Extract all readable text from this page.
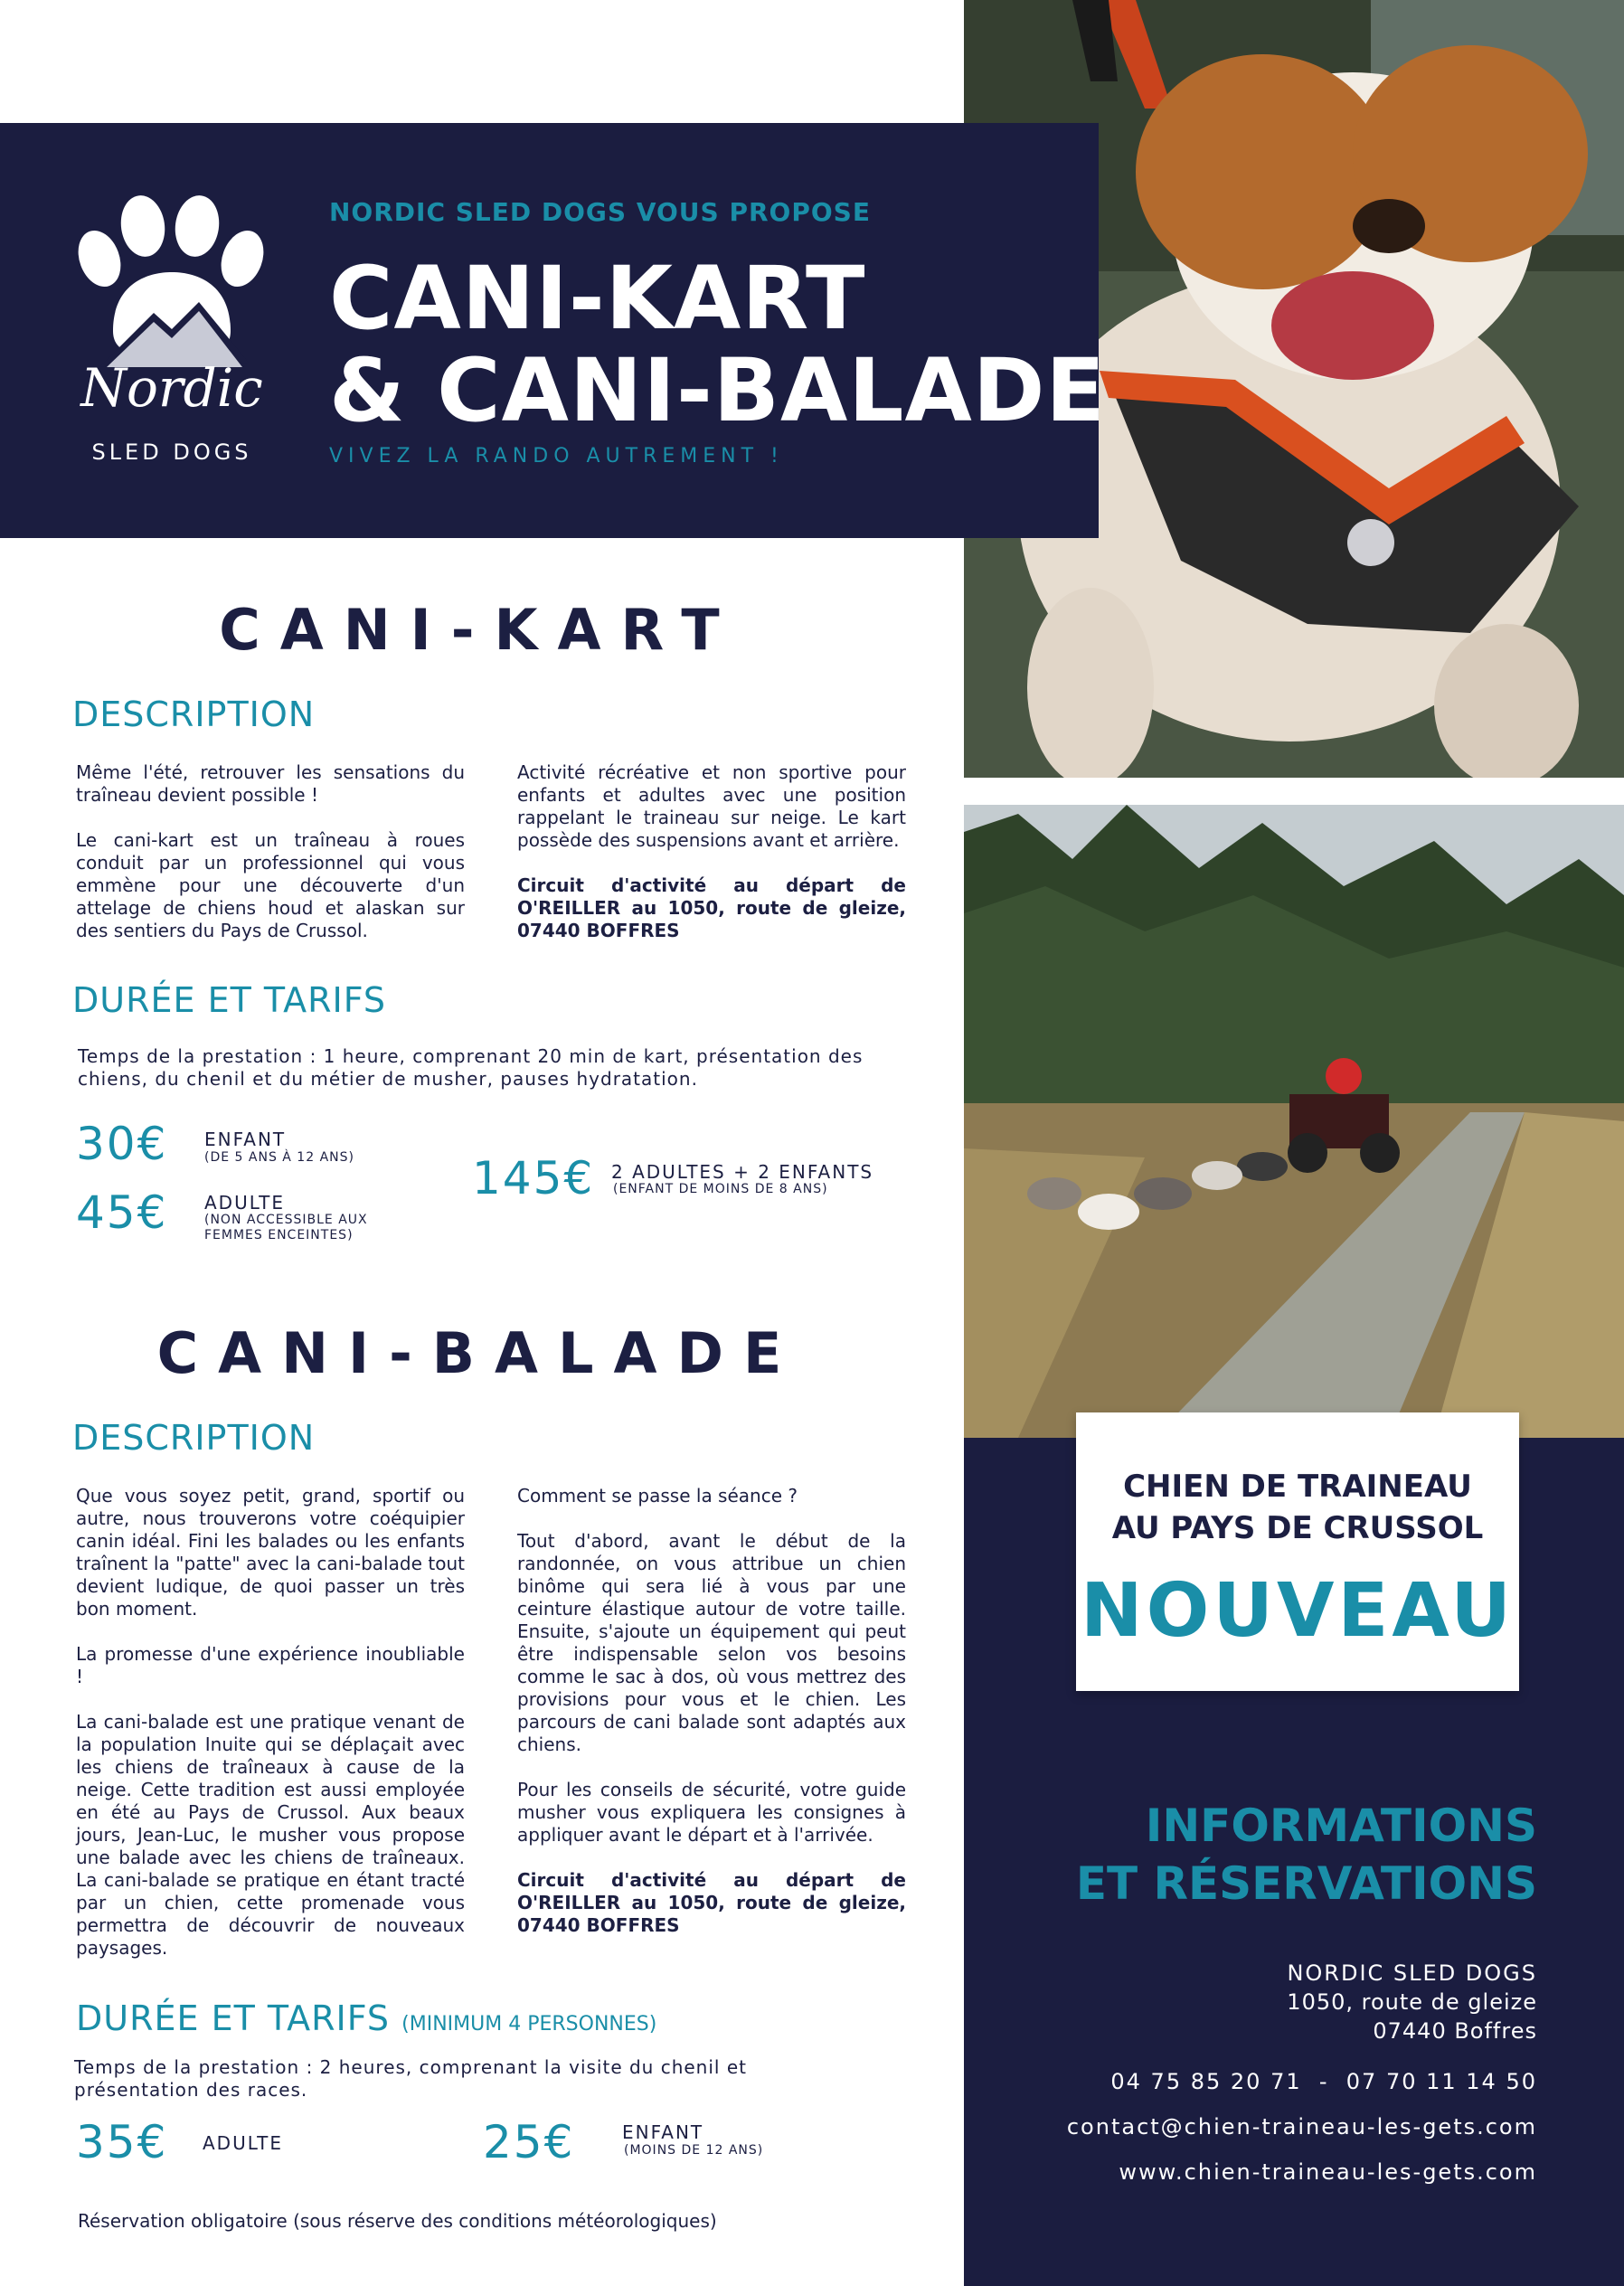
Nordic
SLED DOGS
NORDIC SLED DOGS VOUS PROPOSE
CANI-KART
& CANI-BALADE
VIVEZ LA RANDO AUTREMENT !
CANI-KART
DESCRIPTION

Même l'été, retrouver les sensations du traîneau devient possible !

Le cani-kart est un traîneau à roues conduit par un professionnel qui vous emmène pour une découverte d'un attelage de chiens houd et alaskan sur des sentiers du Pays de Crussol.

Activité récréative et non sportive pour enfants et adultes avec une position rappelant le traineau sur neige. Le kart possède des suspensions avant et arrière.

Circuit d'activité au départ de O'REILLER au 1050, route de gleize, 07440 BOFFRES

DURÉE ET TARIFS
Temps de la prestation : 1 heure, comprenant 20 min de kart, présentation des chiens, du chenil et du métier de musher, pauses hydratation.
30€ ENFANT
(DE 5 ANS À 12 ANS)
45€ ADULTE
(NON ACCESSIBLE AUX FEMMES ENCEINTES)
145€ 2 ADULTES + 2 ENFANTS
(ENFANT DE MOINS DE 8 ANS)
CANI-BALADE
DESCRIPTION

Que vous soyez petit, grand, sportif ou autre, nous trouverons votre coéquipier canin idéal. Fini les balades ou les enfants traînent la "patte" avec la cani-balade tout devient ludique, de quoi passer un très bon moment.

La promesse d'une expérience inoubliable !

La cani-balade est une pratique venant de la population Inuite qui se déplaçait avec les chiens de traîneaux à cause de la neige. Cette tradition est aussi employée en été au Pays de Crussol. Aux beaux jours, Jean-Luc, le musher vous propose une balade avec les chiens de traîneaux. La cani-balade se pratique en étant tracté par un chien, cette promenade vous permettra de découvrir de nouveaux paysages.

Comment se passe la séance ?

Tout d'abord, avant le début de la randonnée, on vous attribue un chien binôme qui sera lié à vous par une ceinture élastique autour de votre taille. Ensuite, s'ajoute un équipement qui peut être indispensable selon vos besoins comme le sac à dos, où vous mettrez des provisions pour vous et le chien. Les parcours de cani balade sont adaptés aux chiens.

Pour les conseils de sécurité, votre guide musher vous expliquera les consignes à appliquer avant le départ et à l'arrivée.

Circuit d'activité au départ de O'REILLER au 1050, route de gleize, 07440 BOFFRES

DURÉE ET TARIFS (MINIMUM 4 PERSONNES)
Temps de la prestation : 2 heures, comprenant la visite du chenil et présentation des races.
35€ ADULTE	25€	ENFANT
(MOINS DE 12 ANS)
Réservation obligatoire (sous réserve des conditions météorologiques)
CHIEN DE TRAINEAU
AU PAYS DE CRUSSOL
NOUVEAU
INFORMATIONS
ET RÉSERVATIONS
NORDIC SLED DOGS
1050, route de gleize
07440 Boffres
04 75 85 20 71  -  07 70 11 14 50
contact@chien-traineau-les-gets.com
www.chien-traineau-les-gets.com
